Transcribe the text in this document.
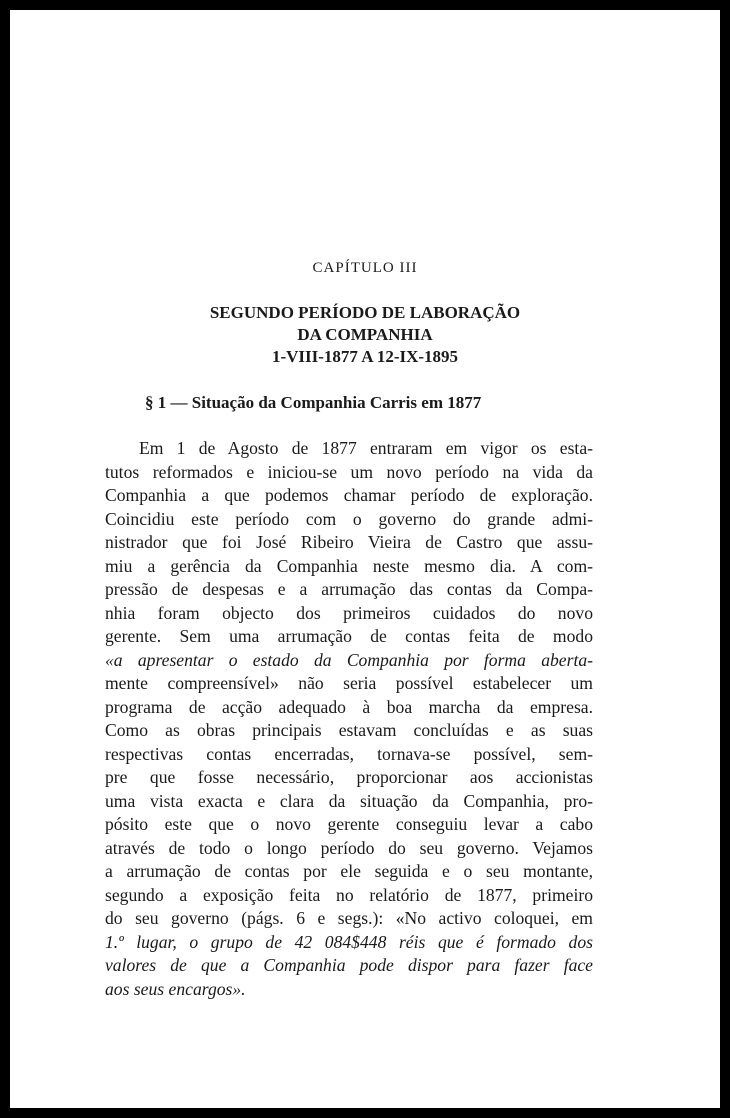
CAPÍTULO III
SEGUNDO PERÍODO DE LABORAÇÃO
DA COMPANHIA
1-VIII-1877 A 12-IX-1895
§ 1 — Situação da Companhia Carris em 1877
Em 1 de Agosto de 1877 entraram em vigor os esta-
tutos reformados e iniciou-se um novo período na vida da
Companhia a que podemos chamar período de exploração.
Coincidiu este período com o governo do grande admi-
nistrador que foi José Ribeiro Vieira de Castro que assu-
miu a gerência da Companhia neste mesmo dia. A com-
pressão de despesas e a arrumação das contas da Compa-
nhia foram objecto dos primeiros cuidados do novo
gerente. Sem uma arrumação de contas feita de modo
«a apresentar o estado da Companhia por forma aberta-
mente compreensível» não seria possível estabelecer um
programa de acção adequado à boa marcha da empresa.
Como as obras principais estavam concluídas e as suas
respectivas contas encerradas, tornava-se possível, sem-
pre que fosse necessário, proporcionar aos accionistas
uma vista exacta e clara da situação da Companhia, pro-
pósito este que o novo gerente conseguiu levar a cabo
através de todo o longo período do seu governo. Vejamos
a arrumação de contas por ele seguida e o seu montante,
segundo a exposição feita no relatório de 1877, primeiro
do seu governo (págs. 6 e segs.): «No activo coloquei, em
1.º lugar, o grupo de 42 084$448 réis que é formado dos
valores de que a Companhia pode dispor para fazer face
aos seus encargos».
